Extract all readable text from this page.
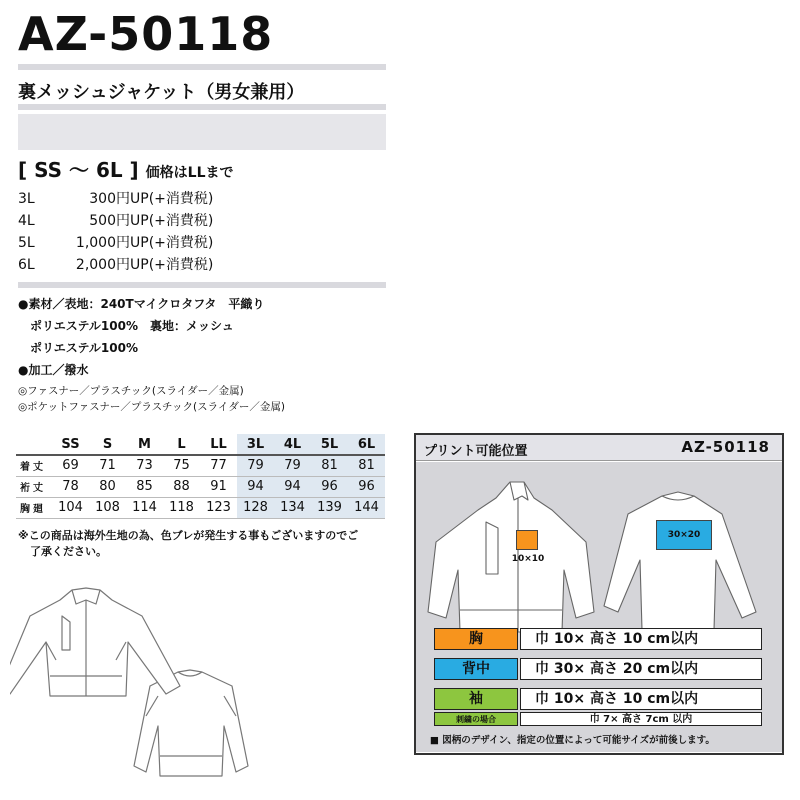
AZ-50118
裏メッシュジャケット（男女兼用）
[ SS ～ 6L ] 価格はLLまで
3L	300円UP(+消費税)
4L	500円UP(+消費税)
5L	1,000円UP(+消費税)
6L	2,000円UP(+消費税)
●素材／表地：240Tマイクロタフタ　平織り
ポリエステル100%　裏地：メッシュ
ポリエステル100%
●加工／撥水
◎ファスナー／プラスチック(スライダー／金属)
◎ポケットファスナー／プラスチック(スライダー／金属)
	SS	S	M	L	LL	3L	4L	5L	6L
着丈	69	71	73	75	77	79	79	81	81
裄丈	78	80	85	88	91	94	94	96	96
胸廻	104	108	114	118	123	128	134	139	144
※この商品は海外生地の為、色ブレが発生する事もございますのでご
了承ください。
プリント可能位置	AZ-50118
10×10
30×20
胸	巾 10× 高さ 10 cm以内
背中	巾 30× 高さ 20 cm以内
袖	巾 10× 高さ 10 cm以内
刺繍の場合	巾 7× 高さ 7cm 以内
■ 図柄のデザイン、指定の位置によって可能サイズが前後します。
